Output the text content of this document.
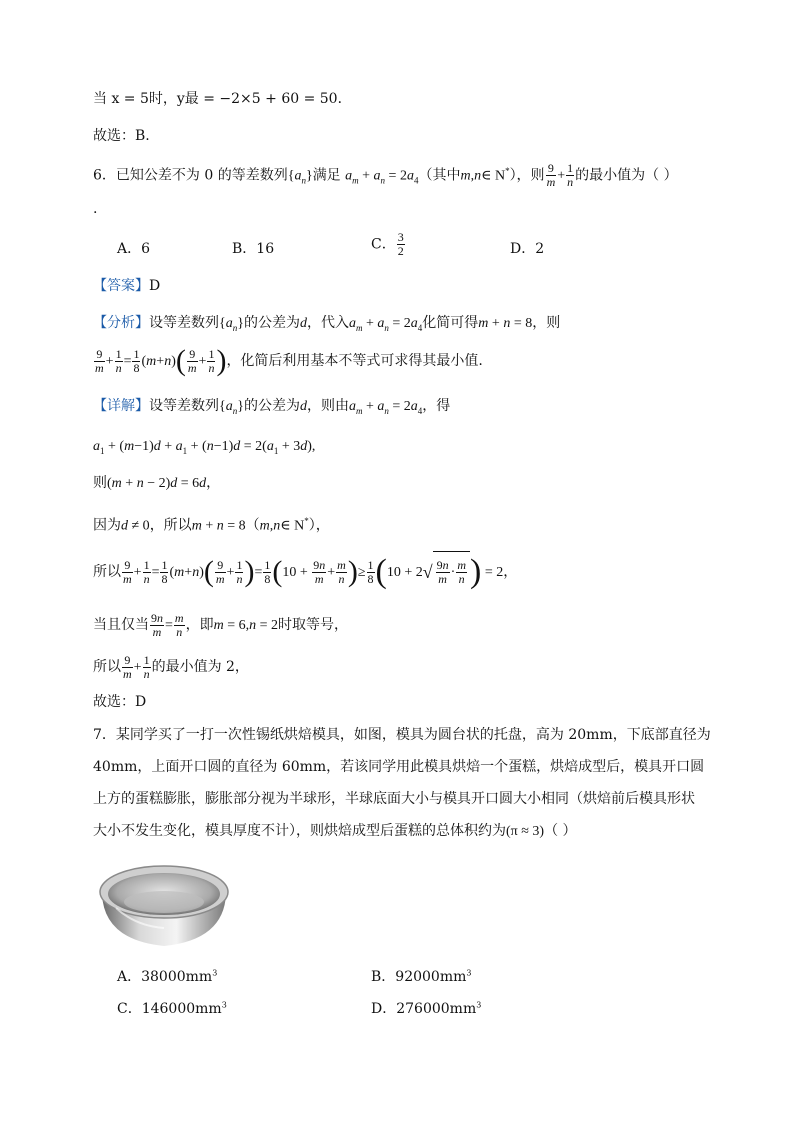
当 x = 5时，y最 = −2×5 + 60 = 50．
故选：B.
6．已知公差不为 0 的等差数列$\{a_n\}$满足 $a_m + a_n = 2a_4$（其中m,n∈ N*），则 $\frac{9}{m} + \frac{1}{n}$ 的最小值为（ ）
.
A．6	B．16	C． $\frac{3}{2}$	D．2
【答案】D
【分析】设等差数列$\{a_n\}$的公差为d，代入$a_m + a_n = 2a_4$化简可得m + n = 8，则
$\frac{9}{m} + \frac{1}{n} = \frac{1}{8} (m+n)( \frac{9}{m} + \frac{1}{n}$ )，化简后利用基本不等式可求得其最小值.
【详解】设等差数列$\{a_n\}$的公差为d，则由$a_m + a_n = 2a_4$，得
$a_1 + (m-1)d + a_1 + (n-1)d = 2(a_1 + 3d)$,
则(m + n − 2)d = 6d，
因为d ≠ 0，所以m + n = 8（m,n∈ N*），
所以 $\frac{9}{m} + \frac{1}{n} = \frac{1}{8} (m+n)( \frac{9}{m} + \frac{1}{n}$ )= $\frac{1}{8} (10 + \frac{9n}{m} + \frac{m}{n}$ )≥ $\frac{1}{8} (10 + 2√ \frac{9n}{m} \cdot \frac{m}{n}$ ) = 2，
当且仅当 $\frac{9n}{m} = \frac{m}{n}$ ，即m = 6,n = 2时取等号，
所以 $\frac{9}{m} + \frac{1}{n}$ 的最小值为 2，
故选：D
7．某同学买了一打一次性锡纸烘焙模具，如图，模具为圆台状的托盘，高为 20mm，下底部直径为
40mm，上面开口圆的直径为 60mm，若该同学用此模具烘焙一个蛋糕，烘焙成型后，模具开口圆
上方的蛋糕膨胀，膨胀部分视为半球形，半球底面大小与模具开口圆大小相同（烘焙前后模具形状
大小不发生变化，模具厚度不计），则烘焙成型后蛋糕的总体积约为(π ≈ 3)（ ）
A．$38000mm^3$	B．$92000mm^3$
C．$146000mm^3$	D．$276000mm^3$
